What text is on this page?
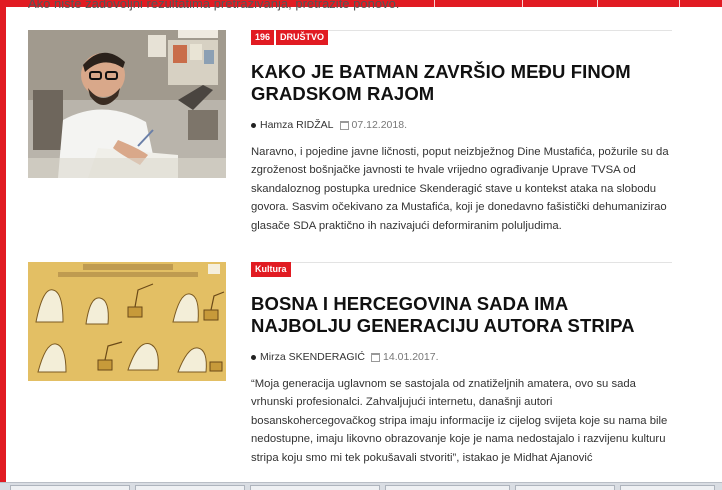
Ako niste zadovoljni rezultatima pretraživanja, pretražite ponovo.
196	DRUŠTVO
KAKO JE BATMAN ZAVRŠIO MEĐU FINOM GRADSKOM RAJOM
Hamza RIDŽAL 07.12.2018.
Naravno, i pojedine javne ličnosti, poput neizbježnog Dine Mustafića, požurile su da zgroženost bošnjačke javnosti te hvale vrijedno ograđivanje Uprave TVSA od skandaloznog postupka urednice Skenderagić stave u kontekst ataka na slobodu govora. Sasvim očekivano za Mustafića, koji je donedavno fašistički dehumanizirao glasače SDA praktično ih nazivajući deformiranim poluljudima.
Kultura
BOSNA I HERCEGOVINA SADA IMA NAJBOLJU GENERACIJU AUTORA STRIPA
Mirza SKENDERAGIĆ 14.01.2017.
“Moja generacija uglavnom se sastojala od znatiželjnih amatera, ovo su sada vrhunski profesionalci. Zahvaljujući internetu, današnji autori bosanskohercegovačkog stripa imaju informacije iz cijelog svijeta koje su nama bile nedostupne, imaju likovno obrazovanje koje je nama nedostajalo i razvijenu kulturu stripa koju smo mi tek pokušavali stvoriti”, istakao je Midhat Ajanović
